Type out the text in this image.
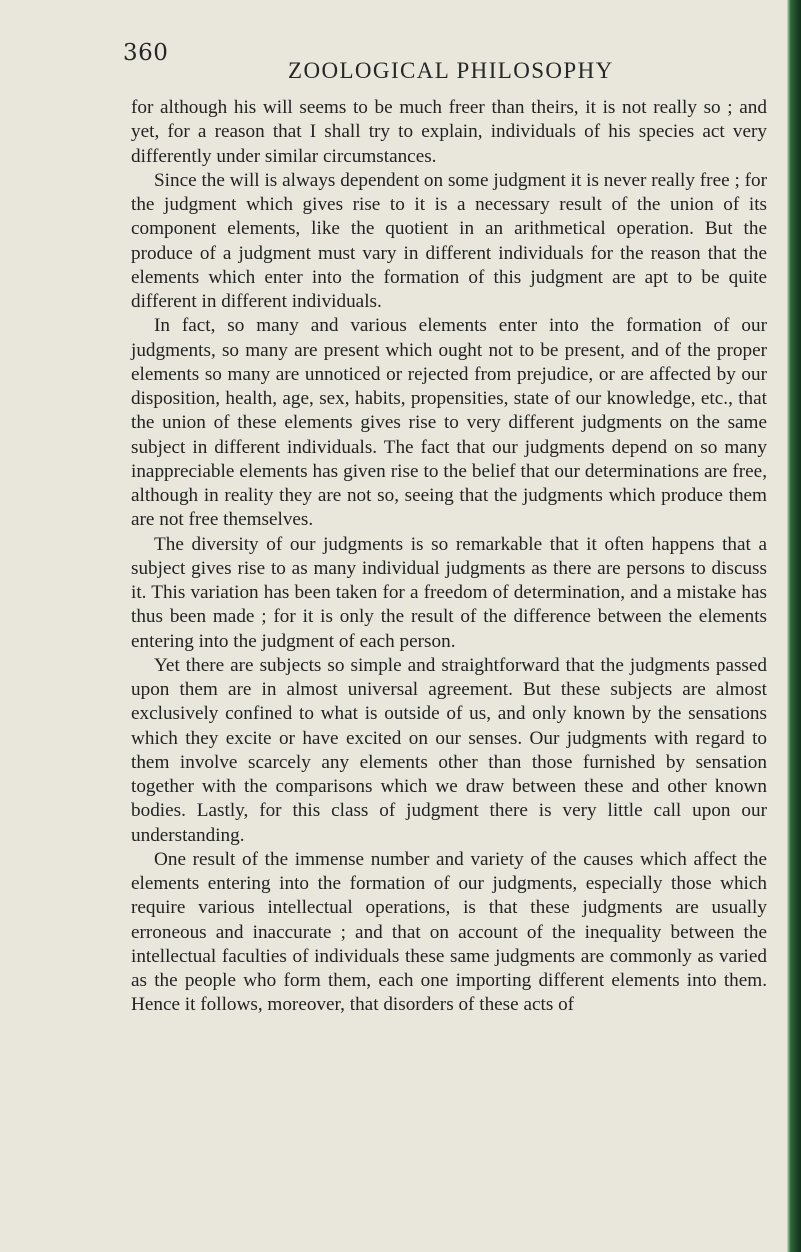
360
ZOOLOGICAL PHILOSOPHY

for although his will seems to be much freer than theirs, it is not really so ; and yet, for a reason that I shall try to explain, individuals of his species act very differently under similar circumstances.

Since the will is always dependent on some judgment it is never really free ; for the judgment which gives rise to it is a necessary result of the union of its component elements, like the quotient in an arithmetical operation. But the produce of a judgment must vary in different individuals for the reason that the elements which enter into the formation of this judgment are apt to be quite different in different individuals.

In fact, so many and various elements enter into the formation of our judgments, so many are present which ought not to be present, and of the proper elements so many are unnoticed or rejected from prejudice, or are affected by our disposition, health, age, sex, habits, propensities, state of our knowledge, etc., that the union of these elements gives rise to very different judgments on the same subject in different individuals. The fact that our judgments depend on so many inappreciable elements has given rise to the belief that our determinations are free, although in reality they are not so, seeing that the judgments which produce them are not free themselves.

The diversity of our judgments is so remarkable that it often happens that a subject gives rise to as many individual judgments as there are persons to discuss it. This variation has been taken for a freedom of determination, and a mistake has thus been made ; for it is only the result of the difference between the elements entering into the judgment of each person.

Yet there are subjects so simple and straightforward that the judgments passed upon them are in almost universal agreement. But these subjects are almost exclusively confined to what is outside of us, and only known by the sensations which they excite or have excited on our senses. Our judgments with regard to them involve scarcely any elements other than those furnished by sensation together with the comparisons which we draw between these and other known bodies. Lastly, for this class of judgment there is very little call upon our understanding.

One result of the immense number and variety of the causes which affect the elements entering into the formation of our judgments, especially those which require various intellectual operations, is that these judgments are usually erroneous and inaccurate ; and that on account of the inequality between the intellectual faculties of individuals these same judgments are commonly as varied as the people who form them, each one importing different elements into them. Hence it follows, moreover, that disorders of these acts of
